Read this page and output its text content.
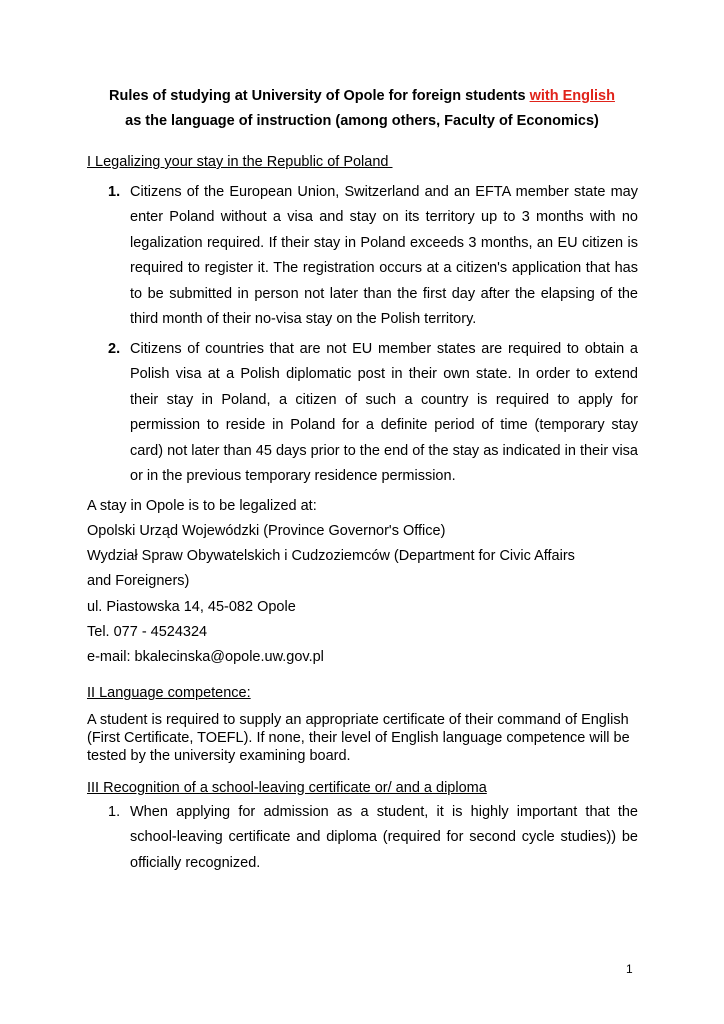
Rules of studying at University of Opole for foreign students with English
as the language of instruction (among others, Faculty of Economics)
I Legalizing your stay in the Republic of Poland
1. Citizens of the European Union, Switzerland and an EFTA member state may enter Poland without a visa and stay on its territory up to 3 months with no legalization required. If their stay in Poland exceeds 3 months, an EU citizen is required to register it. The registration occurs at a citizen's application that has to be submitted in person not later than the first day after the elapsing of the third month of their no-visa stay on the Polish territory.
2. Citizens of countries that are not EU member states are required to obtain a Polish visa at a Polish diplomatic post in their own state. In order to extend their stay in Poland, a citizen of such a country is required to apply for permission to reside in Poland for a definite period of time (temporary stay card) not later than 45 days prior to the end of the stay as indicated in their visa or in the previous temporary residence permission.
A stay in Opole is to be legalized at:
Opolski Urząd Wojewódzki (Province Governor's Office)
Wydział Spraw Obywatelskich i Cudzoziemców (Department for Civic Affairs
and Foreigners)
ul. Piastowska 14, 45-082 Opole
Tel. 077 - 4524324
e-mail: bkalecinska@opole.uw.gov.pl
II Language competence:
A student is required to supply an appropriate certificate of their command of English (First Certificate, TOEFL). If none, their level of English language competence will be tested by the university examining board.
III Recognition of a school-leaving certificate or/ and a diploma
1. When applying for admission as a student, it is highly important that the school-leaving certificate and diploma (required for second cycle studies)) be officially recognized.
1
